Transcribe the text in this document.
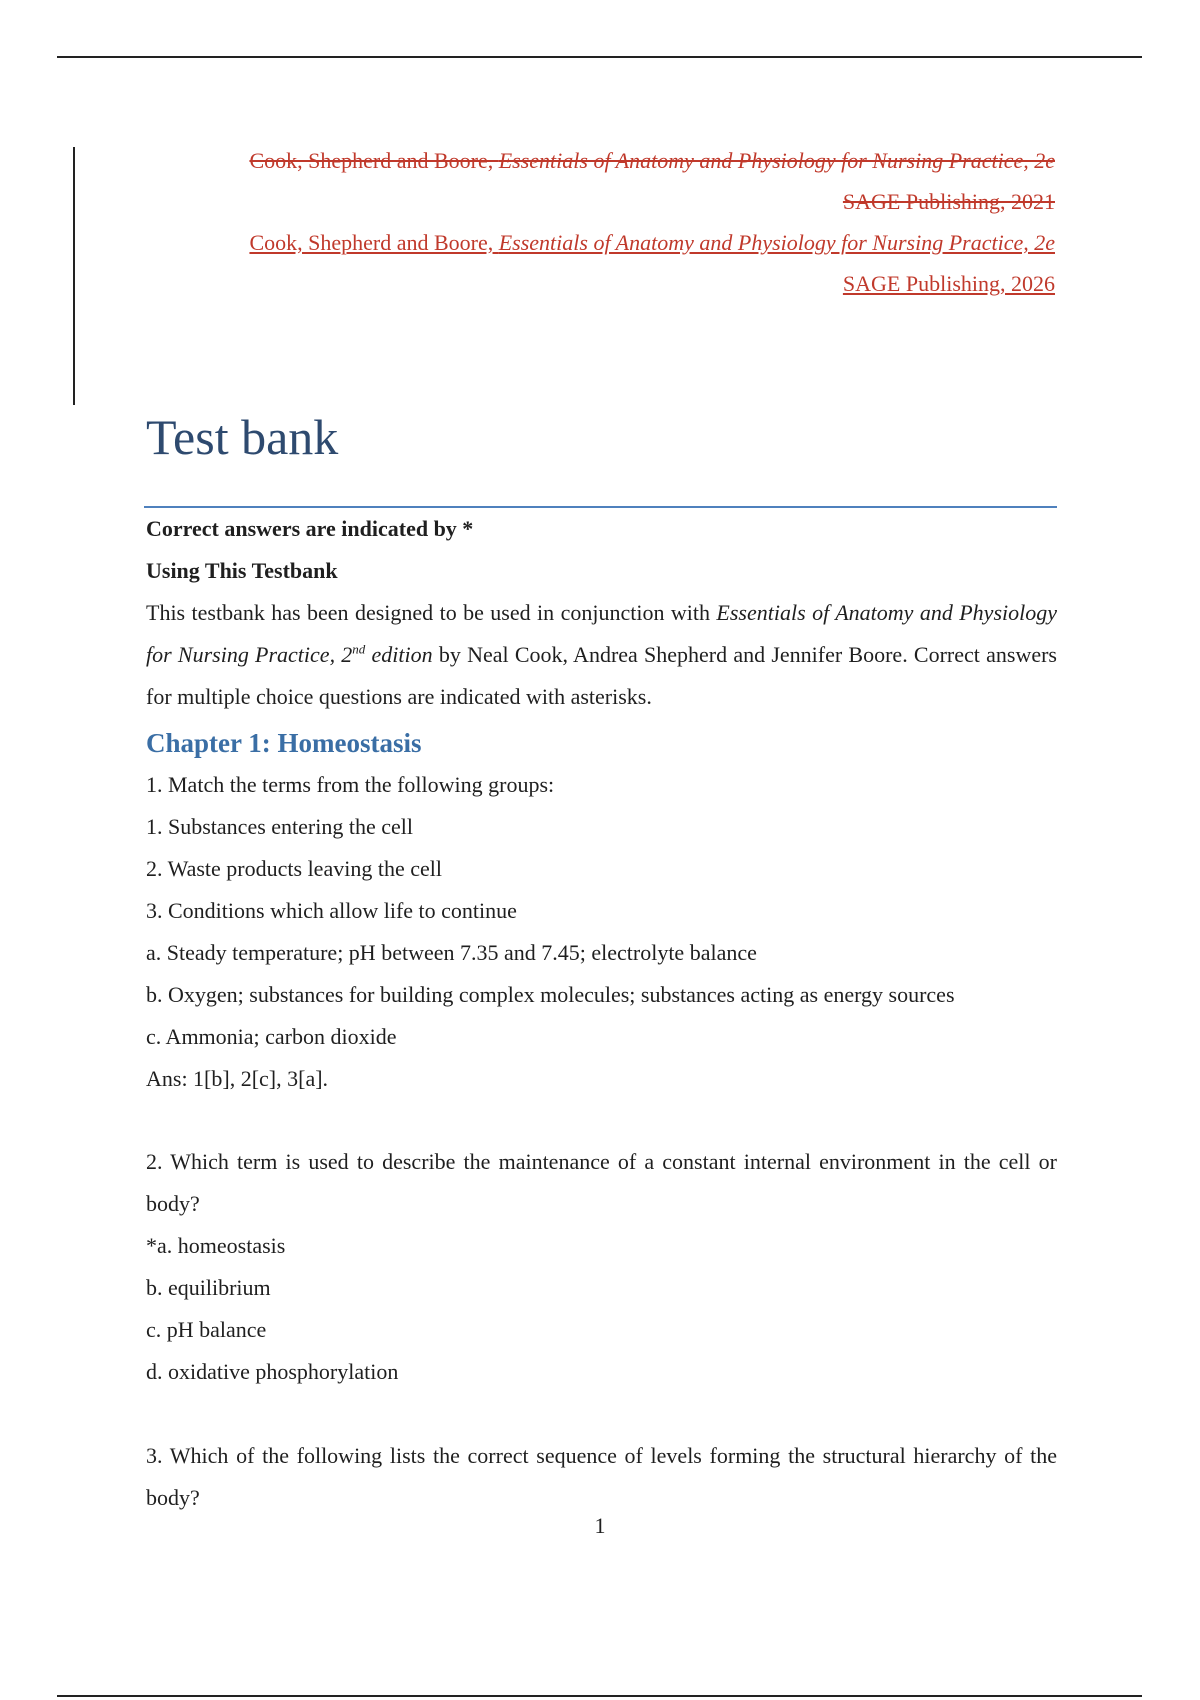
Cook, Shepherd and Boore, Essentials of Anatomy and Physiology for Nursing Practice, 2e

SAGE Publishing, 2021

Cook, Shepherd and Boore, Essentials of Anatomy and Physiology for Nursing Practice, 2e

SAGE Publishing, 2026

Test bank

Correct answers are indicated by *

Using This Testbank

This testbank has been designed to be used in conjunction with Essentials of Anatomy and Physiology for Nursing Practice, 2nd edition by Neal Cook, Andrea Shepherd and Jennifer Boore. Correct answers for multiple choice questions are indicated with asterisks.

Chapter 1: Homeostasis

1. Match the terms from the following groups:

1. Substances entering the cell

2. Waste products leaving the cell

3. Conditions which allow life to continue

a. Steady temperature; pH between 7.35 and 7.45; electrolyte balance

b. Oxygen; substances for building complex molecules; substances acting as energy sources

c. Ammonia; carbon dioxide

Ans: 1[b], 2[c], 3[a].

2. Which term is used to describe the maintenance of a constant internal environment in the cell or body?

*a. homeostasis

b. equilibrium

c. pH balance

d. oxidative phosphorylation

3. Which of the following lists the correct sequence of levels forming the structural hierarchy of the body?

1
